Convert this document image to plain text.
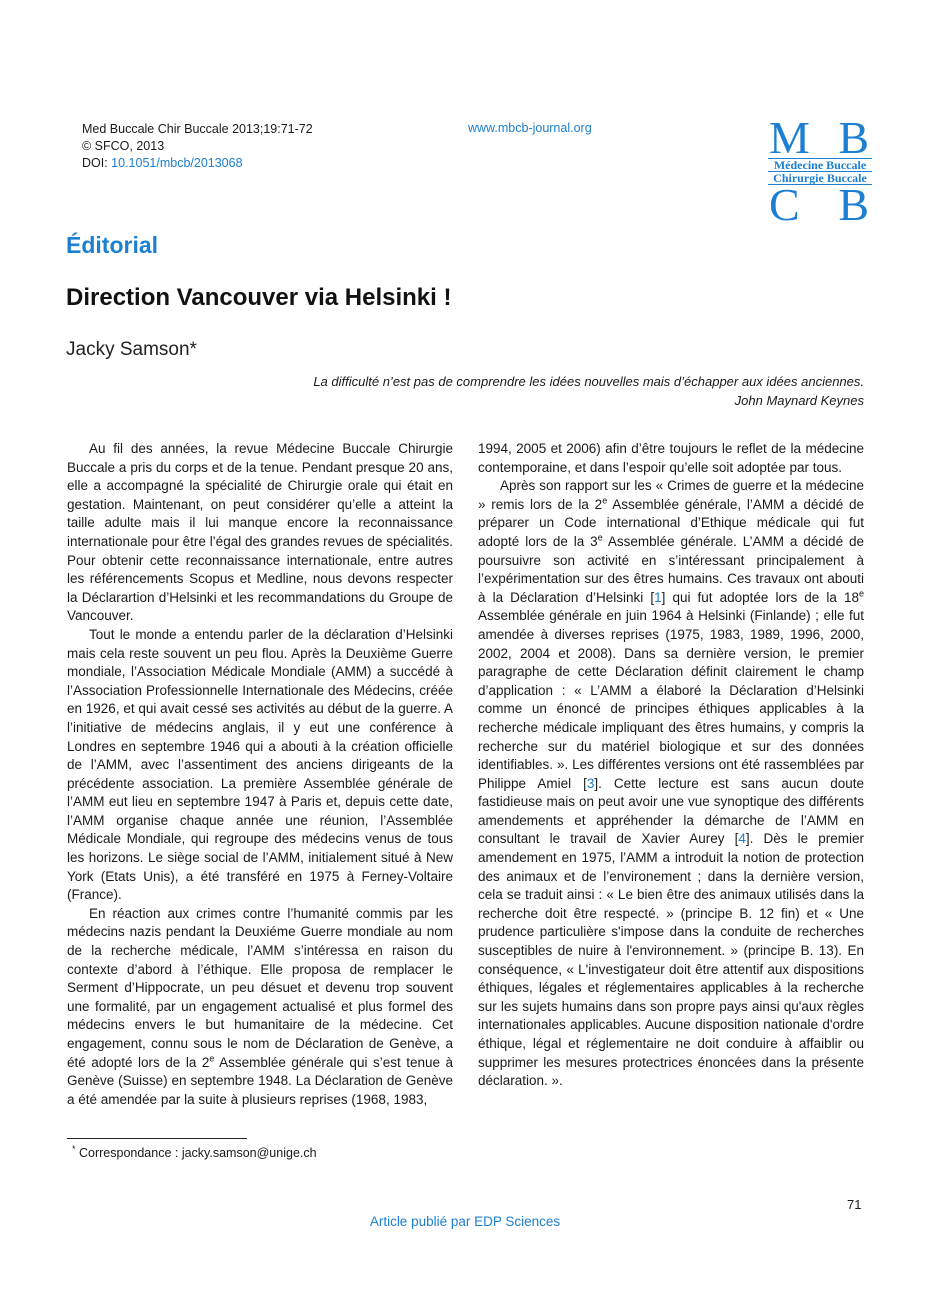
Med Buccale Chir Buccale 2013;19:71-72
© SFCO, 2013
DOI: 10.1051/mbcb/2013068
www.mbcb-journal.org	M B
Médecine Buccale
Chirurgie Buccale
C B
Éditorial
Direction Vancouver via Helsinki !
Jacky Samson*
La difficulté n’est pas de comprendre les idées nouvelles mais d’échapper aux idées anciennes.
John Maynard Keynes

Au fil des années, la revue Médecine Buccale Chirurgie Buccale a pris du corps et de la tenue. Pendant presque 20 ans, elle a accompagné la spécialité de Chirurgie orale qui était en gestation. Maintenant, on peut considérer qu’elle a atteint la taille adulte mais il lui manque encore la reconnaissance internationale pour être l’égal des grandes revues de spécialités. Pour obtenir cette reconnaissance internationale, entre autres les référencements Scopus et Medline, nous devons respecter la Déclarartion d’Helsinki et les recommandations du Groupe de Vancouver.

Tout le monde a entendu parler de la déclaration d’Helsinki mais cela reste souvent un peu flou. Après la Deuxième Guerre mondiale, l’Association Médicale Mondiale (AMM) a succédé à l’Association Professionnelle Internationale des Médecins, créée en 1926, et qui avait cessé ses activités au début de la guerre. A l’initiative de médecins anglais, il y eut une conférence à Londres en septembre 1946 qui a abouti à la création officielle de l’AMM, avec l’assentiment des anciens dirigeants de la précédente association. La première Assemblée générale de l’AMM eut lieu en septembre 1947 à Paris et, depuis cette date, l’AMM organise chaque année une réunion, l’Assemblée Médicale Mondiale, qui regroupe des médecins venus de tous les horizons. Le siège social de l’AMM, initialement situé à New York (Etats Unis), a été transféré en 1975 à Ferney-Voltaire (France).

En réaction aux crimes contre l’humanité commis par les médecins nazis pendant la Deuxiéme Guerre mondiale au nom de la recherche médicale, l’AMM s’intéressa en raison du contexte d’abord à l’éthique. Elle proposa de remplacer le Serment d’Hippocrate, un peu désuet et devenu trop souvent une formalité, par un engagement actualisé et plus formel des médecins envers le but humanitaire de la médecine. Cet engagement, connu sous le nom de Déclaration de Genève, a été adopté lors de la 2e Assemblée générale qui s’est tenue à Genève (Suisse) en septembre 1948. La Déclaration de Genève a été amendée par la suite à plusieurs reprises (1968, 1983,

1994, 2005 et 2006) afin d’être toujours le reflet de la médecine contemporaine, et dans l’espoir qu’elle soit adoptée par tous.

Après son rapport sur les « Crimes de guerre et la médecine » remis lors de la 2e Assemblée générale, l’AMM a décidé de préparer un Code international d’Ethique médicale qui fut adopté lors de la 3e Assemblée générale. L’AMM a décidé de poursuivre son activité en s’intéressant principalement à l’expérimentation sur des êtres humains. Ces travaux ont abouti à la Déclaration d’Helsinki [1] qui fut adoptée lors de la 18e Assemblée générale en juin 1964 à Helsinki (Finlande) ; elle fut amendée à diverses reprises (1975, 1983, 1989, 1996, 2000, 2002, 2004 et 2008). Dans sa dernière version, le premier paragraphe de cette Déclaration définit clairement le champ d’application : « L’AMM a élaboré la Déclaration d’Helsinki comme un énoncé de principes éthiques applicables à la recherche médicale impliquant des êtres humains, y compris la recherche sur du matériel biologique et sur des données identifiables. ». Les différentes versions ont été rassemblées par Philippe Amiel [3]. Cette lecture est sans aucun doute fastidieuse mais on peut avoir une vue synoptique des différents amendements et appréhender la démarche de l’AMM en consultant le travail de Xavier Aurey [4]. Dès le premier amendement en 1975, l’AMM a introduit la notion de protection des animaux et de l’environement ; dans la dernière version, cela se traduit ainsi : « Le bien être des animaux utilisés dans la recherche doit être respecté. » (principe B. 12 fin) et « Une prudence particulière s'impose dans la conduite de recherches susceptibles de nuire à l'environnement. » (principe B. 13). En conséquence, « L'investigateur doit être attentif aux dispositions éthiques, légales et réglementaires applicables à la recherche sur les sujets humains dans son propre pays ainsi qu'aux règles internationales applicables. Aucune disposition nationale d'ordre éthique, légal et réglementaire ne doit conduire à affaiblir ou supprimer les mesures protectrices énoncées dans la présente déclaration. ».

* Correspondance : jacky.samson@unige.ch
71
Article publié par EDP Sciences
